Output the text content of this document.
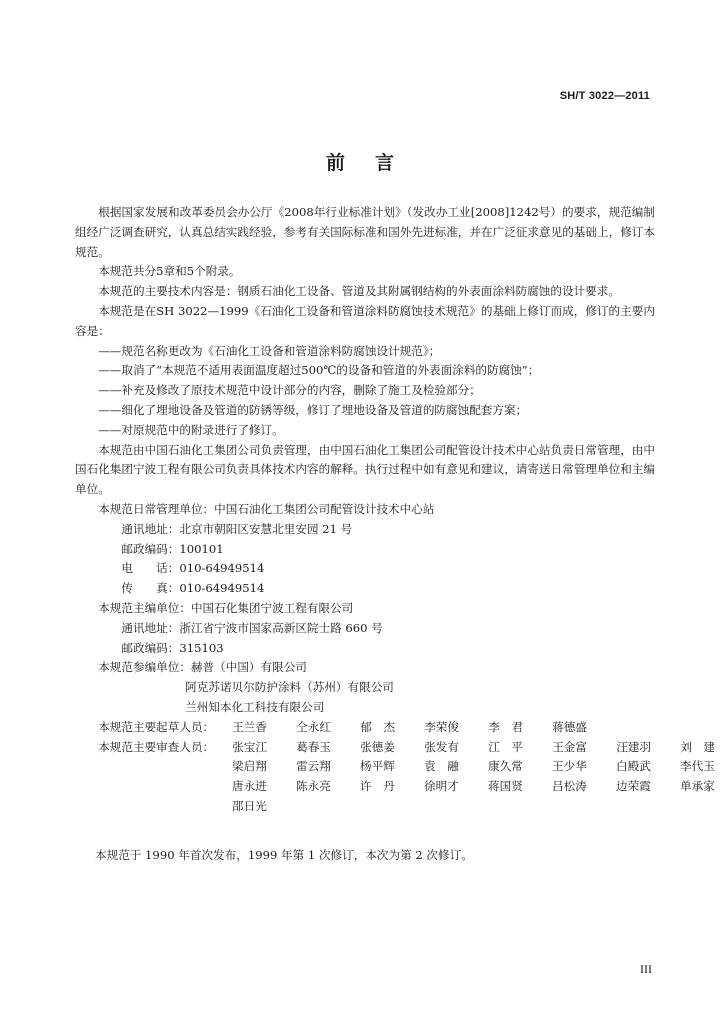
SH/T 3022—2011
前 言

根据国家发展和改革委员会办公厅《2008年行业标准计划》（发改办工业[2008]1242号）的要求，规范编制组经广泛调查研究，认真总结实践经验，参考有关国际标准和国外先进标准，并在广泛征求意见的基础上，修订本规范。

本规范共分5章和5个附录。

本规范的主要技术内容是：钢质石油化工设备、管道及其附属钢结构的外表面涂料防腐蚀的设计要求。

本规范是在SH 3022—1999《石油化工设备和管道涂料防腐蚀技术规范》的基础上修订而成，修订的主要内容是：

——规范名称更改为《石油化工设备和管道涂料防腐蚀设计规范》；

——取消了“本规范不适用表面温度超过500℃的设备和管道的外表面涂料的防腐蚀”；

——补充及修改了原技术规范中设计部分的内容，删除了施工及检验部分；

——细化了埋地设备及管道的防锈等级，修订了埋地设备及管道的防腐蚀配套方案；

——对原规范中的附录进行了修订。

本规范由中国石油化工集团公司负责管理，由中国石油化工集团公司配管设计技术中心站负责日常管理，由中国石化集团宁波工程有限公司负责具体技术内容的解释。执行过程中如有意见和建议，请寄送日常管理单位和主编单位。

本规范日常管理单位：中国石油化工集团公司配管设计技术中心站

通讯地址：北京市朝阳区安慧北里安园 21 号

邮政编码：100101

电　　话：010-64949514

传　　真：010-64949514

本规范主编单位：中国石化集团宁波工程有限公司

通讯地址：浙江省宁波市国家高新区院士路 660 号

邮政编码：315103

本规范参编单位：赫普（中国）有限公司

阿克苏诺贝尔防护涂料（苏州）有限公司

兰州知本化工科技有限公司

本规范主要起草人员：	王兰香	仝永红	郁　杰	李荣俊	李　君	蒋德盛
本规范主要审查人员：	张宝江	葛春玉	张德姜	张发有	江　平	王金富	汪建羽	刘　建
梁启翔	雷云翔	杨平辉	袁　融	康久常	王少华	白殿武	李代玉
唐永进	陈永亮	许　丹	徐明才	蒋国贤	吕松涛	边荣霞	单承家
邵日光
本规范于 1990 年首次发布，1999 年第 1 次修订，本次为第 2 次修订。
III
